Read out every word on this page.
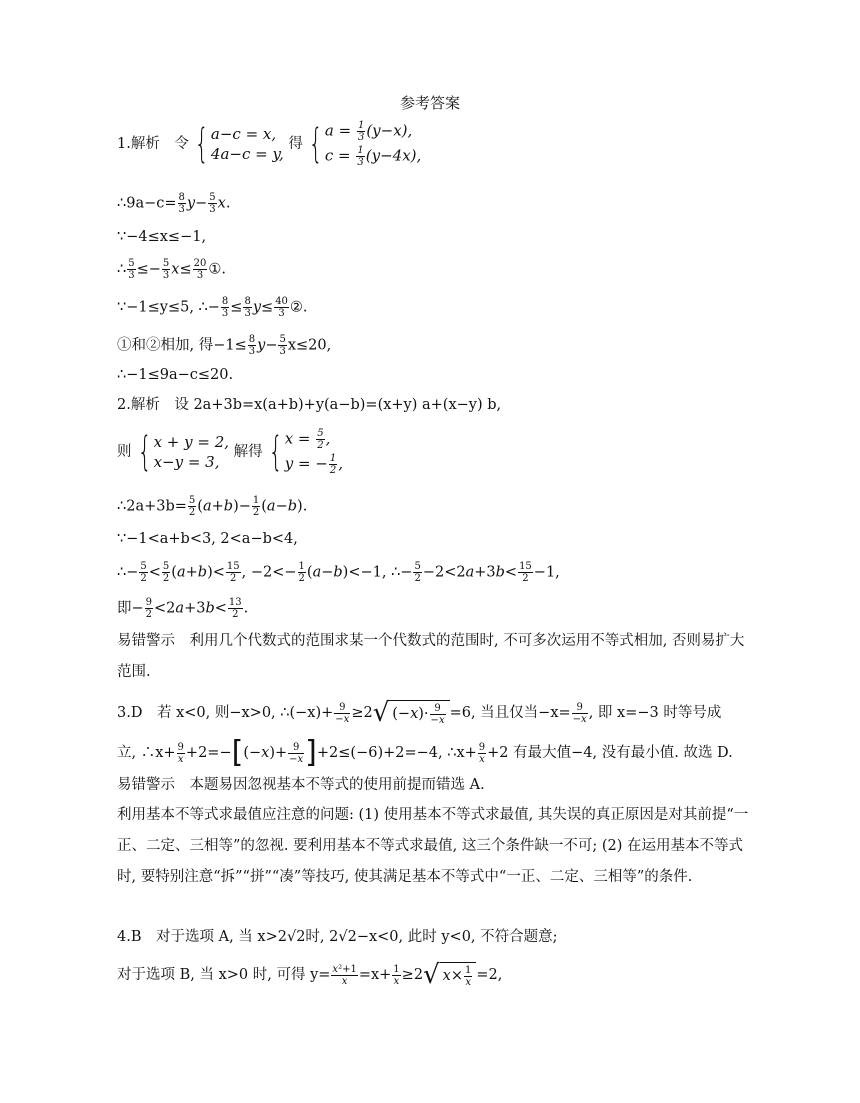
参考答案
1.解析　令 { a−c = x,
4a−c = y,
得 { $a = \frac{1}{3} (y-x)$,
$c = \frac{1}{3} (y-4x)$,
∴9a−c= $\frac{8}{3} y- \frac{5}{3} x$.
∵−4≤x≤−1,
∴ $\frac{5}{3} \le- \frac{5}{3} x\le \frac{20}{3}$ ①.
∵−1≤y≤5, ∴− $\frac{8}{3} \le \frac{8}{3} y\le \frac{40}{3}$ ②.
①和②相加, 得$-1\le \frac{8}{3} y- \frac{5}{3} x\le 20$,
∴−1≤9a−c≤20.
2.解析　设 2a+3b=x(a+b)+y(a−b)=(x+y) a+(x−y) b,
则 { x + y = 2,
x−y = 3,
解得 { $x = \frac{5}{2}$ ,
y = − $\frac{1}{2}$ ,
∴2a+3b= $\frac{5}{2} (a+b)- \frac{1}{2} (a-b)$.
∵−1<a+b<3, 2<a−b<4,
∴− $\frac{5}{2} < \frac{5}{2} (a+b)< \frac{15}{2}$ , $-2<- \frac{1}{2} (a-b)<-1$, ∴− $\frac{5}{2} -2<2a+3b< \frac{15}{2} -1$,
即− $\frac{9}{2} <2a+3b< \frac{13}{2}$ .
易错警示　利用几个代数式的范围求某一个代数式的范围时, 不可多次运用不等式相加, 否则易扩大范围.
3.D　若 x<0, 则−x>0, ∴(−x)+ $\frac{9}{-x} \ge 2$ √ (− x )· $\frac{9}{-x} =6$, 当且仅当$-x= \frac{9}{-x}$ , 即 x=−3 时等号成
立, ∴x+ $\frac{9}{x} +2=-[(-x)+ \frac{9}{-x} ]+2\le(-6)+2=-4$, ∴x+ $\frac{9}{x} +2$ 有最大值−4, 没有最小值. 故选 D.
易错警示　本题易因忽视基本不等式的使用前提而错选 A.
利用基本不等式求最值应注意的问题: (1) 使用基本不等式求最值, 其失误的真正原因是对其前提“一正、二定、三相等”的忽视. 要利用基本不等式求最值, 这三个条件缺一不可; (2) 在运用基本不等式时, 要特别注意“拆”“拼”“凑”等技巧, 使其满足基本不等式中“一正、二定、三相等”的条件.
4.B　对于选项 A, 当 x>2√2时, 2√2−x<0, 此时 y<0, 不符合题意;
对于选项 B, 当 x>0 时, 可得 $y= \frac{\text{x²+1}}{x} =x+ \frac{1}{x} \ge 2$ √ $x \times \frac{1}{x} =2$,
